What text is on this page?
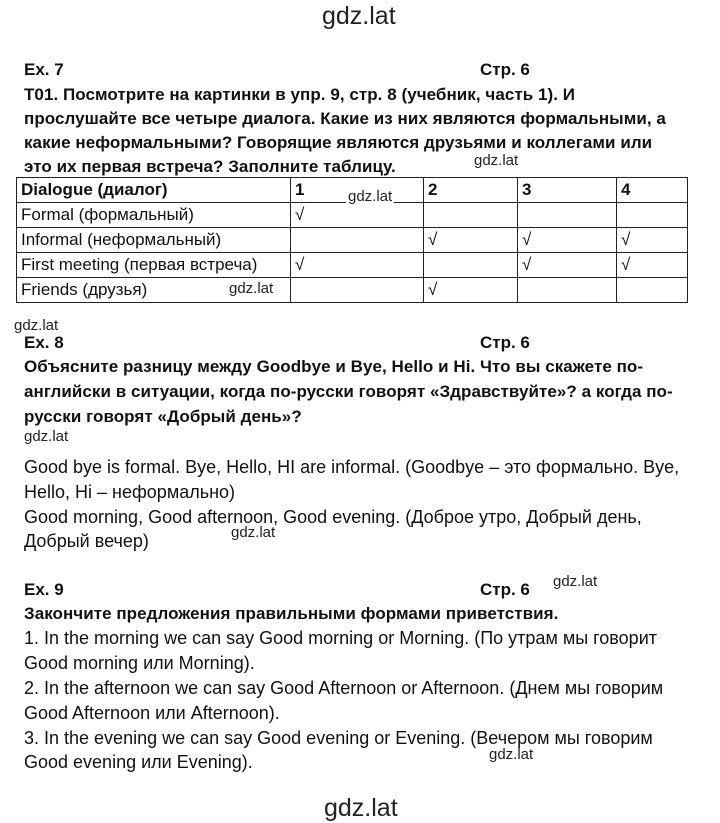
gdz.lat
Ex. 7	Стр. 6
Т01. Посмотрите на картинки в упр. 9, стр. 8 (учебник, часть 1). И
прослушайте все четыре диалога. Какие из них являются формальными, а
какие неформальными? Говорящие являются друзьями и коллегами или
это их первая встреча? Заполните таблицу.	gdz.lat
Dialogue (диалог)	1	2	3	4
Formal (формальный)	√			
Informal (неформальный)		√	√	√
First meeting (первая встреча)	√		√	√
Friends (друзья)		√		
gdz.lat
gdz.lat
gdz.lat
Ex. 8	Стр. 6
Объясните разницу между Goodbye и Bye, Hello и Hi. Что вы скажете по-
английски в ситуации, когда по-русски говорят «Здравствуйте»? а когда по-
русски говорят «Добрый день»?
gdz.lat
Good bye is formal. Bye, Hello, HI are informal. (Goodbye – это формально. Bye,
Hello, Hi – неформально)
Good morning, Good afternoon, Good evening. (Доброе утро, Добрый день,
Добрый вечер)	gdz.lat
Ex. 9	Стр. 6 gdz.lat
Закончите предложения правильными формами приветствия.
1. In the morning we can say Good morning or Morning. (По утрам мы говорит
Good morning или Morning).
2. In the afternoon we can say Good Afternoon or Afternoon. (Днем мы говорим
Good Afternoon или Afternoon).
3. In the evening we can say Good evening or Evening. (Вечером мы говорим
Good evening или Evening).	gdz.lat
gdz.lat
